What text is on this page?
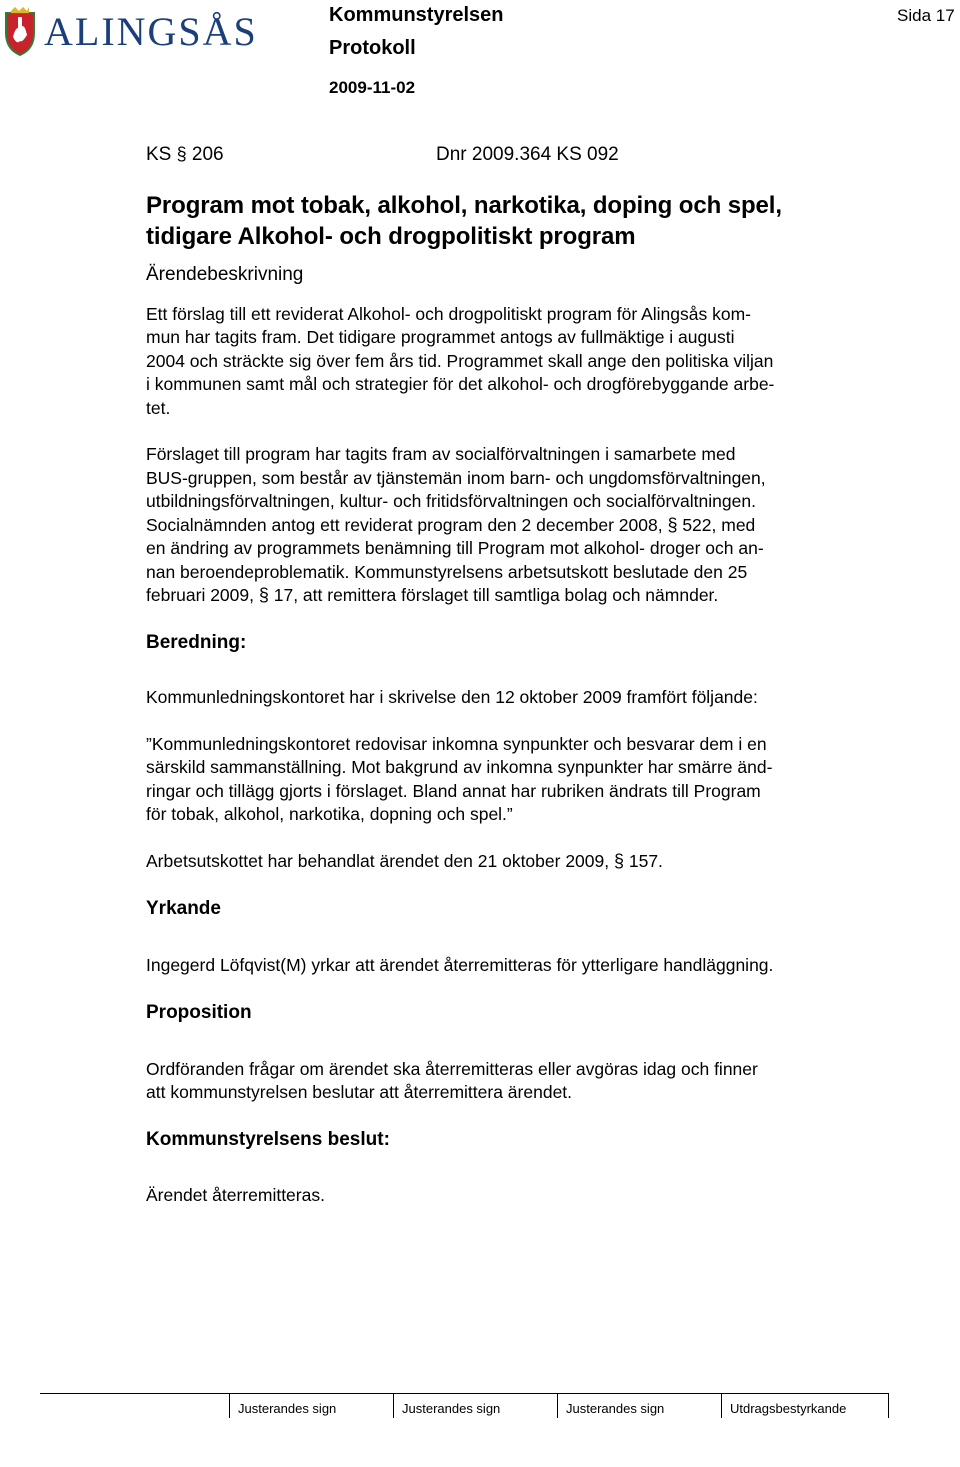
ALINGSÅS	Kommunstyrelsen
Protokoll
2009-11-02
Sida 17
KS § 206	Dnr 2009.364 KS 092
Program mot tobak, alkohol, narkotika, doping och spel,
tidigare Alkohol- och drogpolitiskt program
Ärendebeskrivning

Ett förslag till ett reviderat Alkohol- och drogpolitiskt program för Alingsås kom-
mun har tagits fram. Det tidigare programmet antogs av fullmäktige i augusti
2004 och sträckte sig över fem års tid. Programmet skall ange den politiska viljan
i kommunen samt mål och strategier för det alkohol- och drogförebyggande arbe-
tet.

Förslaget till program har tagits fram av socialförvaltningen i samarbete med
BUS-gruppen, som består av tjänstemän inom barn- och ungdomsförvaltningen,
utbildningsförvaltningen, kultur- och fritidsförvaltningen och socialförvaltningen.
Socialnämnden antog ett reviderat program den 2 december 2008, § 522, med
en ändring av programmets benämning till Program mot alkohol- droger och an-
nan beroendeproblematik. Kommunstyrelsens arbetsutskott beslutade den 25
februari 2009, § 17, att remittera förslaget till samtliga bolag och nämnder.

Beredning:

Kommunledningskontoret har i skrivelse den 12 oktober 2009 framfört följande:

”Kommunledningskontoret redovisar inkomna synpunkter och besvarar dem i en
särskild sammanställning. Mot bakgrund av inkomna synpunkter har smärre änd-
ringar och tillägg gjorts i förslaget. Bland annat har rubriken ändrats till Program
för tobak, alkohol, narkotika, dopning och spel.”

Arbetsutskottet har behandlat ärendet den 21 oktober 2009, § 157.

Yrkande

Ingegerd Löfqvist(M) yrkar att ärendet återremitteras för ytterligare handläggning.

Proposition

Ordföranden frågar om ärendet ska återremitteras eller avgöras idag och finner
att kommunstyrelsen beslutar att återremittera ärendet.

Kommunstyrelsens beslut:

Ärendet återremitteras.

Justerandes sign	Justerandes sign	Justerandes sign	Utdragsbestyrkande
